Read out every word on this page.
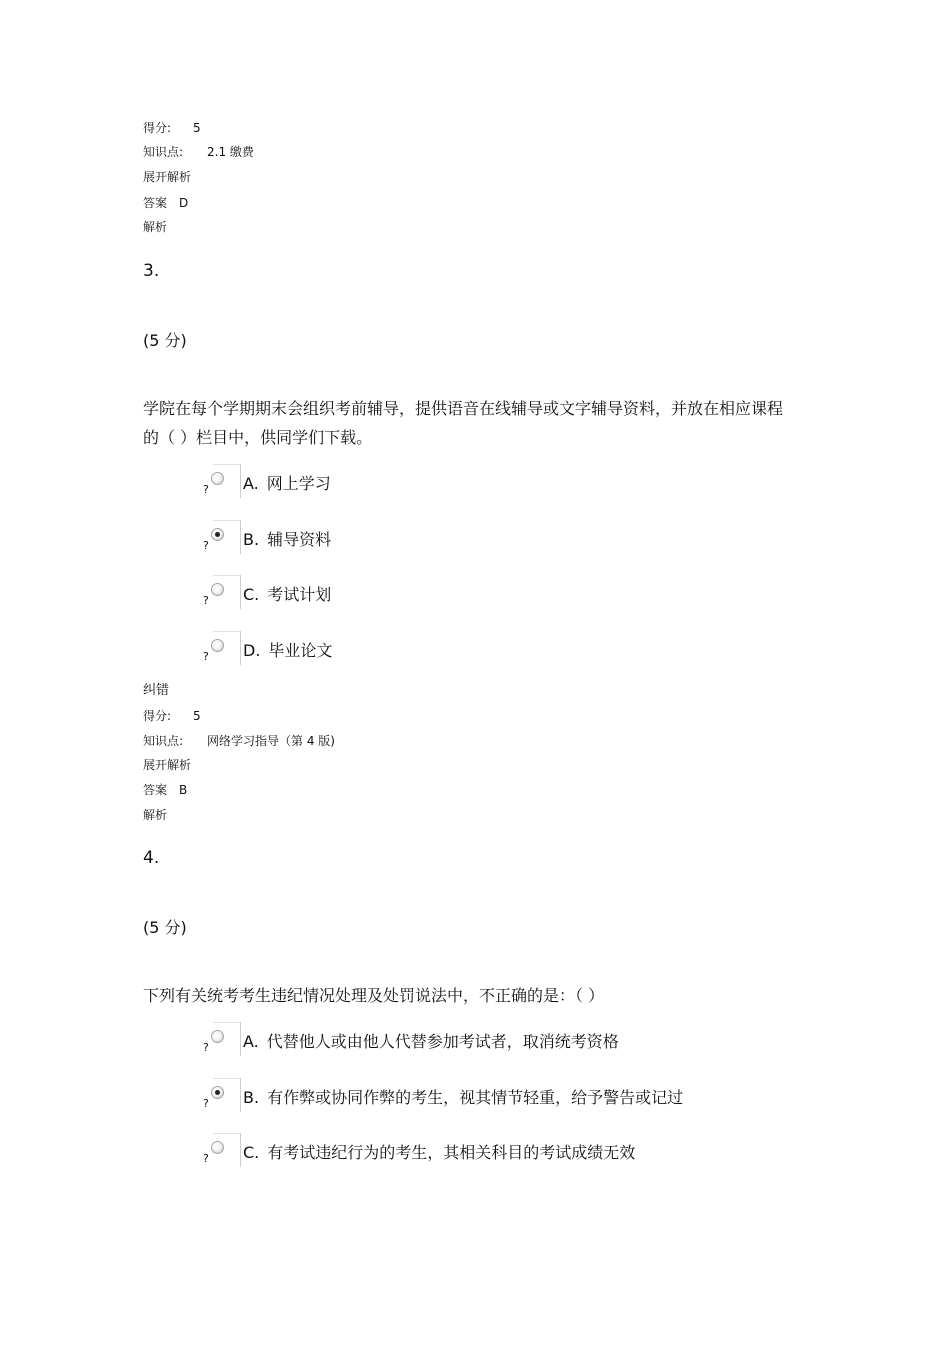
得分: 5
知识点: 2.1 缴费
展开解析
答案 D
解析
3.
(5 分)
学院在每个学期期末会组织考前辅导，提供语音在线辅导或文字辅导资料，并放在相应课程的（ ）栏目中，供同学们下载。
? A. 网上学习
? B. 辅导资料
? C. 考试计划
? D. 毕业论文
纠错
得分: 5
知识点: 网络学习指导（第 4 版)
展开解析
答案 B
解析
4.
(5 分)
下列有关统考考生违纪情况处理及处罚说法中，不正确的是：（ ）
? A. 代替他人或由他人代替参加考试者，取消统考资格
? B. 有作弊或协同作弊的考生，视其情节轻重，给予警告或记过
? C. 有考试违纪行为的考生，其相关科目的考试成绩无效
